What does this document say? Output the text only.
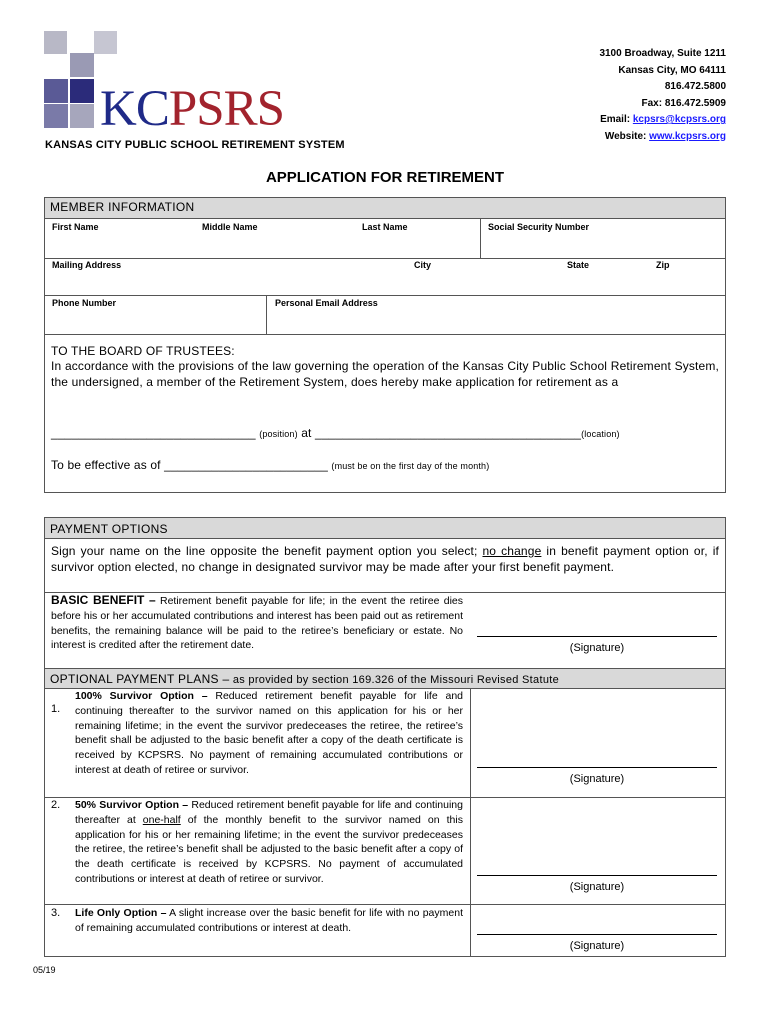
KCPSRS
KANSAS CITY PUBLIC SCHOOL RETIREMENT SYSTEM
3100 Broadway, Suite 1211
Kansas City, MO 64111
816.472.5800
Fax: 816.472.5909
Email: kcpsrs@kcpsrs.org
Website: www.kcpsrs.org
APPLICATION FOR RETIREMENT
MEMBER INFORMATION
First Name	Middle Name	Last Name	Social Security Number
Mailing Address	City	State	Zip
Phone Number	Personal Email Address
TO THE BOARD OF TRUSTEES:
In accordance with the provisions of the law governing the operation of the Kansas City Public School Retirement System, the undersigned, a member of the Retirement System, does hereby make application for retirement as a
______________________________ (position) at _______________________________________(location)
To be effective as of ________________________ (must be on the first day of the month)
PAYMENT OPTIONS
Sign your name on the line opposite the benefit payment option you select; no change in benefit payment option or, if survivor option elected, no change in designated survivor may be made after your first benefit payment.
BASIC BENEFIT – Retirement benefit payable for life; in the event the retiree dies before his or her accumulated contributions and interest has been paid out as retirement benefits, the remaining balance will be paid to the retiree’s beneficiary or estate. No interest is credited after the retirement date.	(Signature)
OPTIONAL PAYMENT PLANS – as provided by section 169.326 of the Missouri Revised Statute
1.
100% Survivor Option – Reduced retirement benefit payable for life and continuing thereafter to the survivor named on this application for his or her remaining lifetime; in the event the survivor predeceases the retiree, the retiree’s benefit shall be adjusted to the basic benefit after a copy of the death certificate is received by KCPSRS. No payment of remaining accumulated contributions or interest at death of retiree or survivor.
(Signature)
2. 50% Survivor Option – Reduced retirement benefit payable for life and continuing thereafter at one-half of the monthly benefit to the survivor named on this application for his or her remaining lifetime; in the event the survivor predeceases the retiree, the retiree’s benefit shall be adjusted to the basic benefit after a copy of the death certificate is received by KCPSRS. No payment of accumulated contributions or interest at death of retiree or survivor.
(Signature)
3. Life Only Option – A slight increase over the basic benefit for life with no payment of remaining accumulated contributions or interest at death.
(Signature)
05/19
